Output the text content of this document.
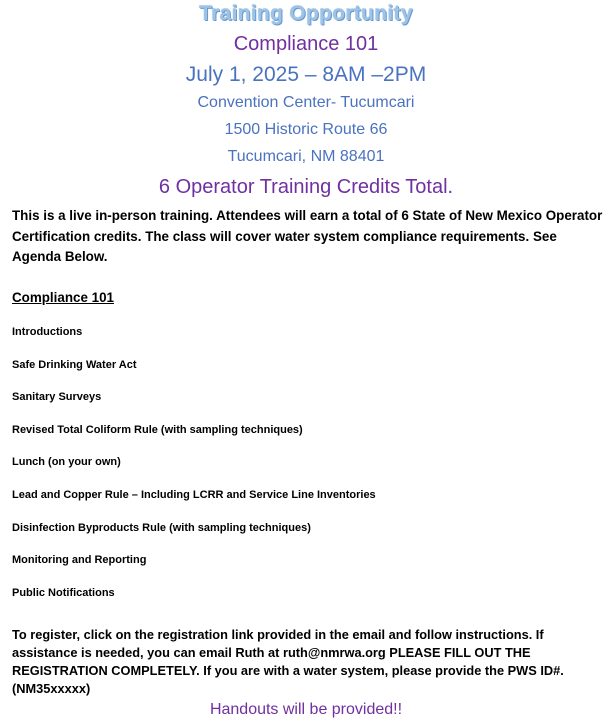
Training Opportunity
Compliance 101
July 1, 2025 – 8AM –2PM
Convention Center- Tucumcari
1500 Historic Route 66
Tucumcari, NM 88401
6 Operator Training Credits Total.
This is a live in-person training. Attendees will earn a total of 6 State of New Mexico Operator Certification credits. The class will cover water system compliance requirements. See Agenda Below.
Compliance 101
Introductions
Safe Drinking Water Act
Sanitary Surveys
Revised Total Coliform Rule (with sampling techniques)
Lunch (on your own)
Lead and Copper Rule – Including LCRR and Service Line Inventories
Disinfection Byproducts Rule (with sampling techniques)
Monitoring and Reporting
Public Notifications
To register, click on the registration link provided in the email and follow instructions. If assistance is needed, you can email Ruth at ruth@nmrwa.org PLEASE FILL OUT THE REGISTRATION COMPLETELY. If you are with a water system, please provide the PWS ID#. (NM35xxxxx)
Handouts will be provided!!
